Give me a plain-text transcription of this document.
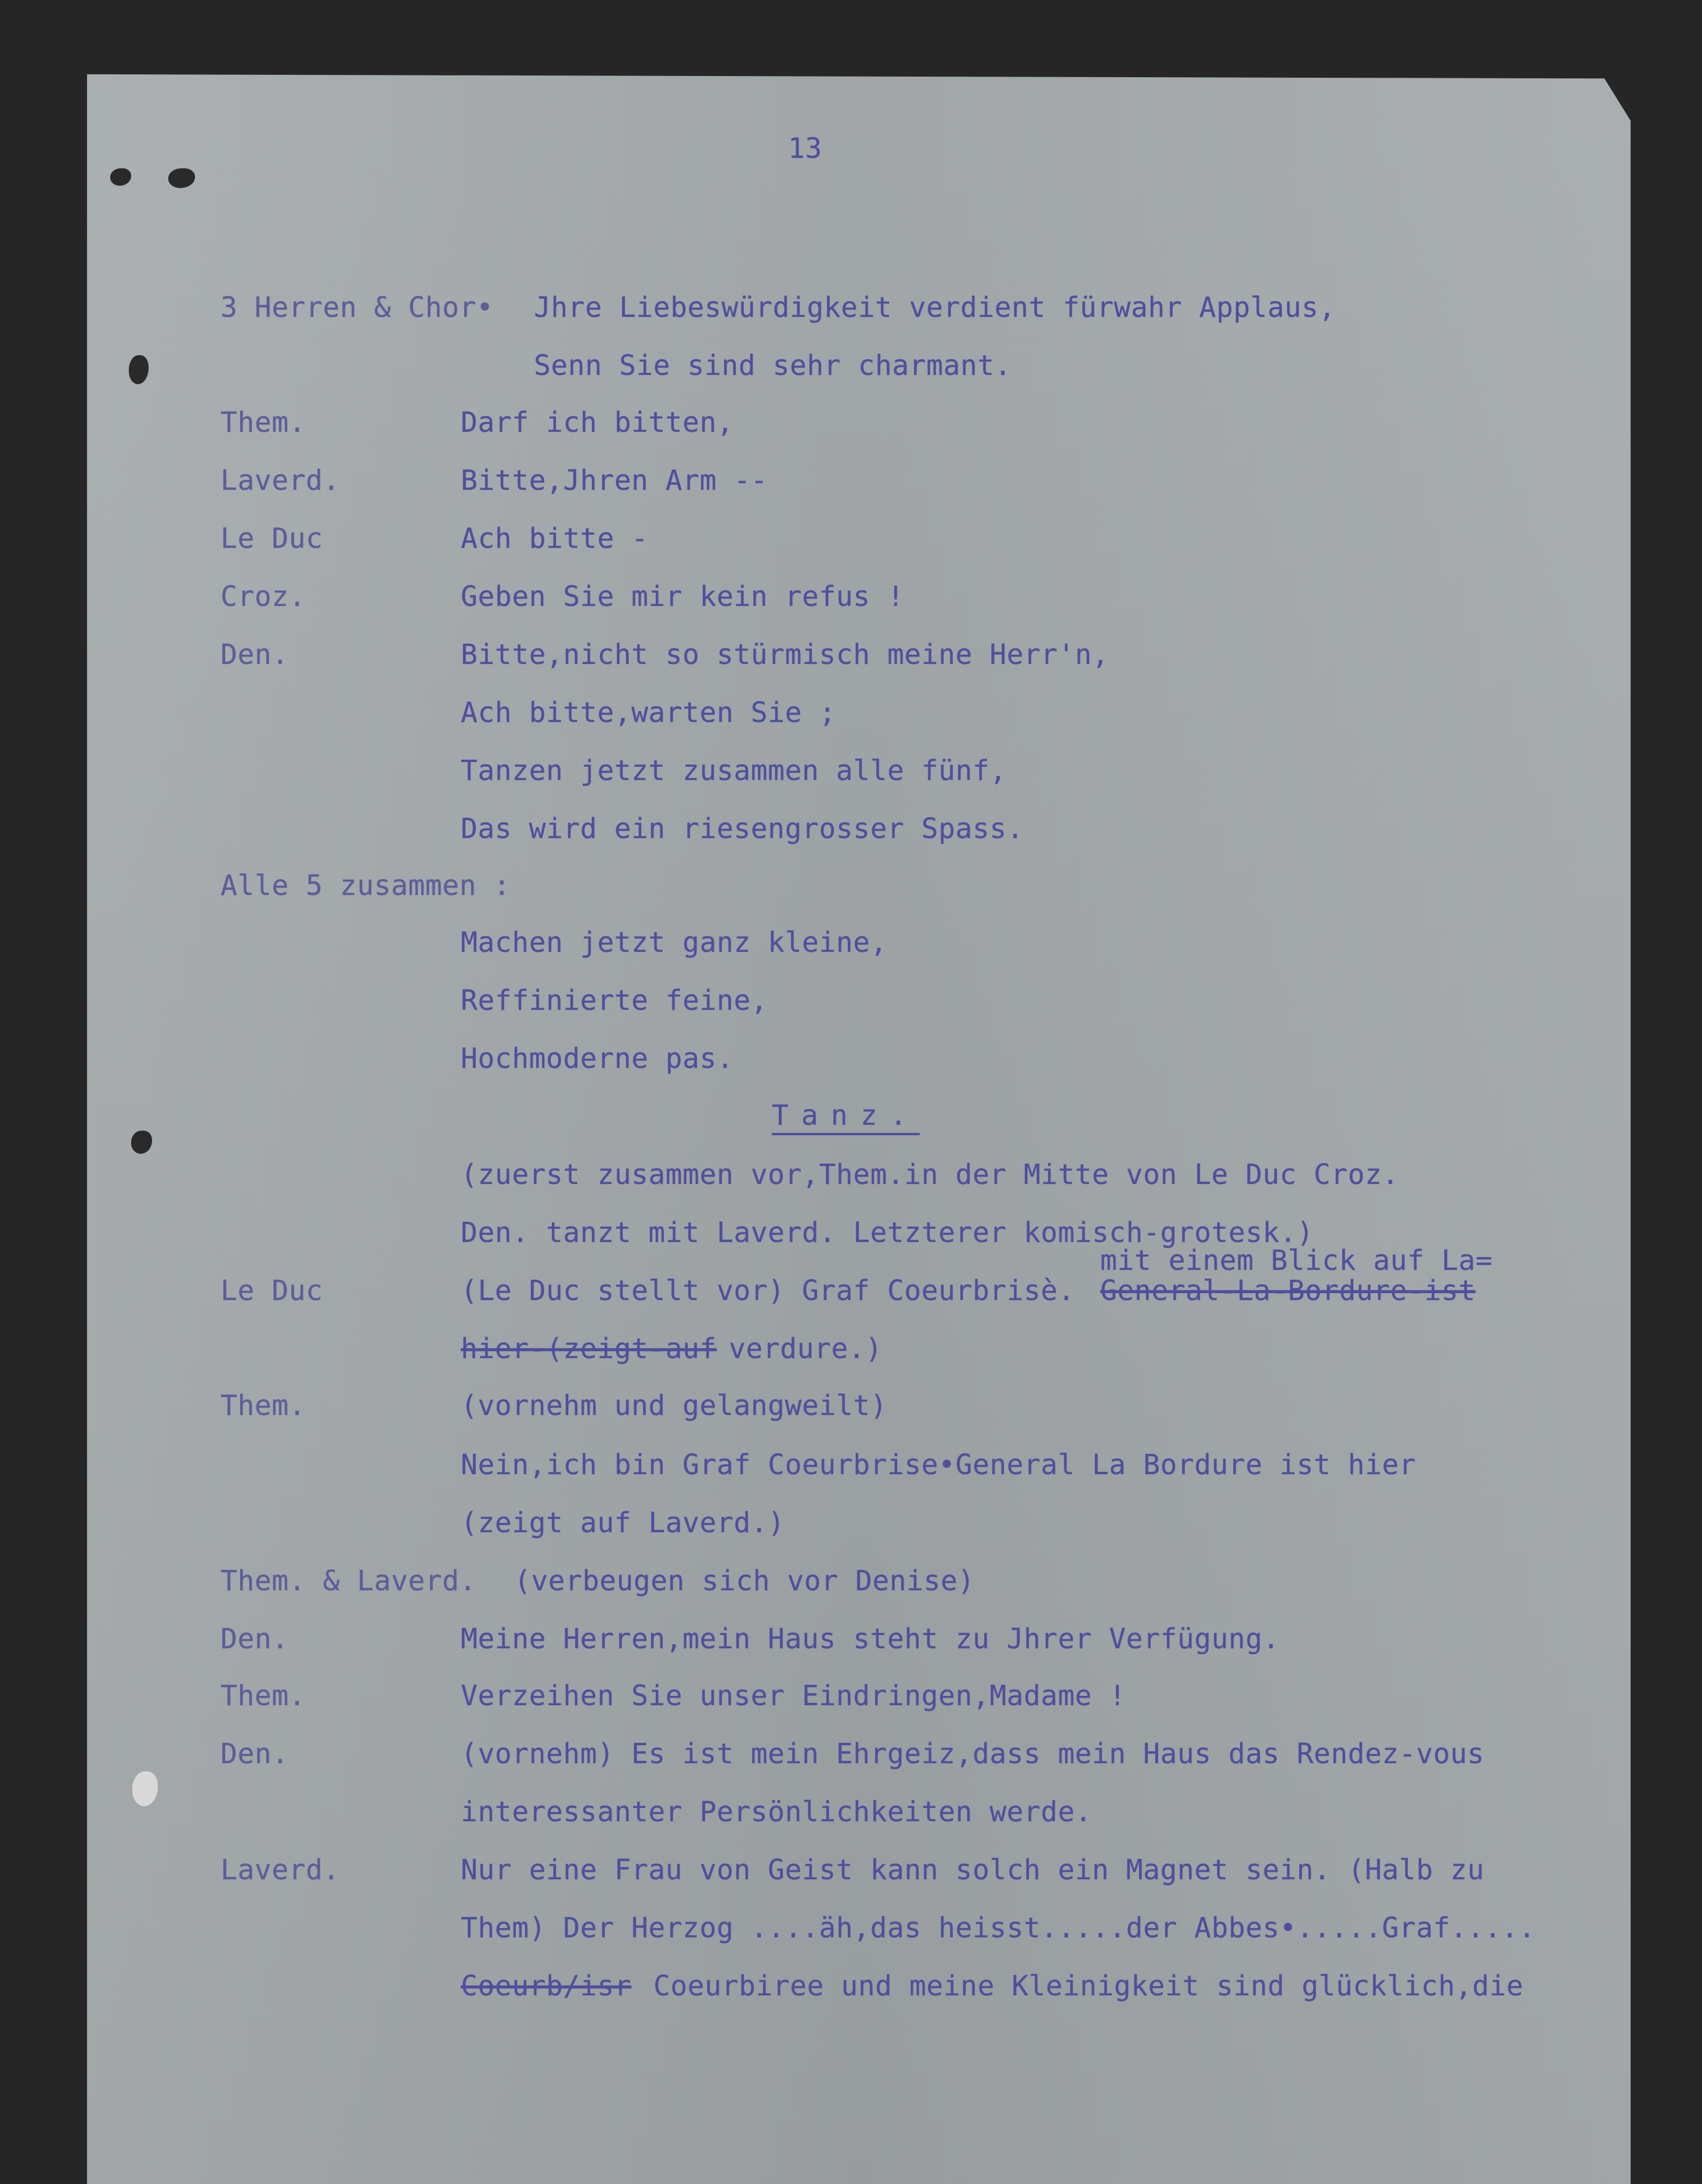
13
3 Herren & Chor• Jhre Liebeswürdigkeit verdient fürwahr Applaus,
Senn Sie sind sehr charmant.
Them.	Darf ich bitten,
Laverd.	Bitte,Jhren Arm --
Le Duc	Ach bitte -
Croz.	Geben Sie mir kein refus !
Den.	Bitte,nicht so stürmisch meine Herr'n,
Ach bitte,warten Sie ;
Tanzen jetzt zusammen alle fünf,
Das wird ein riesengrosser Spass.
Alle 5 zusammen :
Machen jetzt ganz kleine,
Reffinierte feine,
Hochmoderne pas.
Tanz.
(zuerst zusammen vor,Them.in der Mitte von Le Duc Croz.
Den. tanzt mit Laverd. Letzterer komisch-grotesk.)
mit einem Blick auf La=
Le Duc	(Le Duc stellt vor) Graf Coeurbrisè. General-La-Bordure-ist
hier-(zeigt-auf verdure.)
Them.	(vornehm und gelangweilt)
Nein,ich bin Graf Coeurbrise•General La Bordure ist hier
(zeigt auf Laverd.)
Them. & Laverd. (verbeugen sich vor Denise)
Den.	Meine Herren,mein Haus steht zu Jhrer Verfügung.
Them.	Verzeihen Sie unser Eindringen,Madame !
Den.	(vornehm) Es ist mein Ehrgeiz,dass mein Haus das Rendez-vous
interessanter Persönlichkeiten werde.
Laverd.	Nur eine Frau von Geist kann solch ein Magnet sein. (Halb zu
Them) Der Herzog ....äh,das heisst.....der Abbes•.....Graf.....
Coeurb/isr Coeurbiree und meine Kleinigkeit sind glücklich,die
